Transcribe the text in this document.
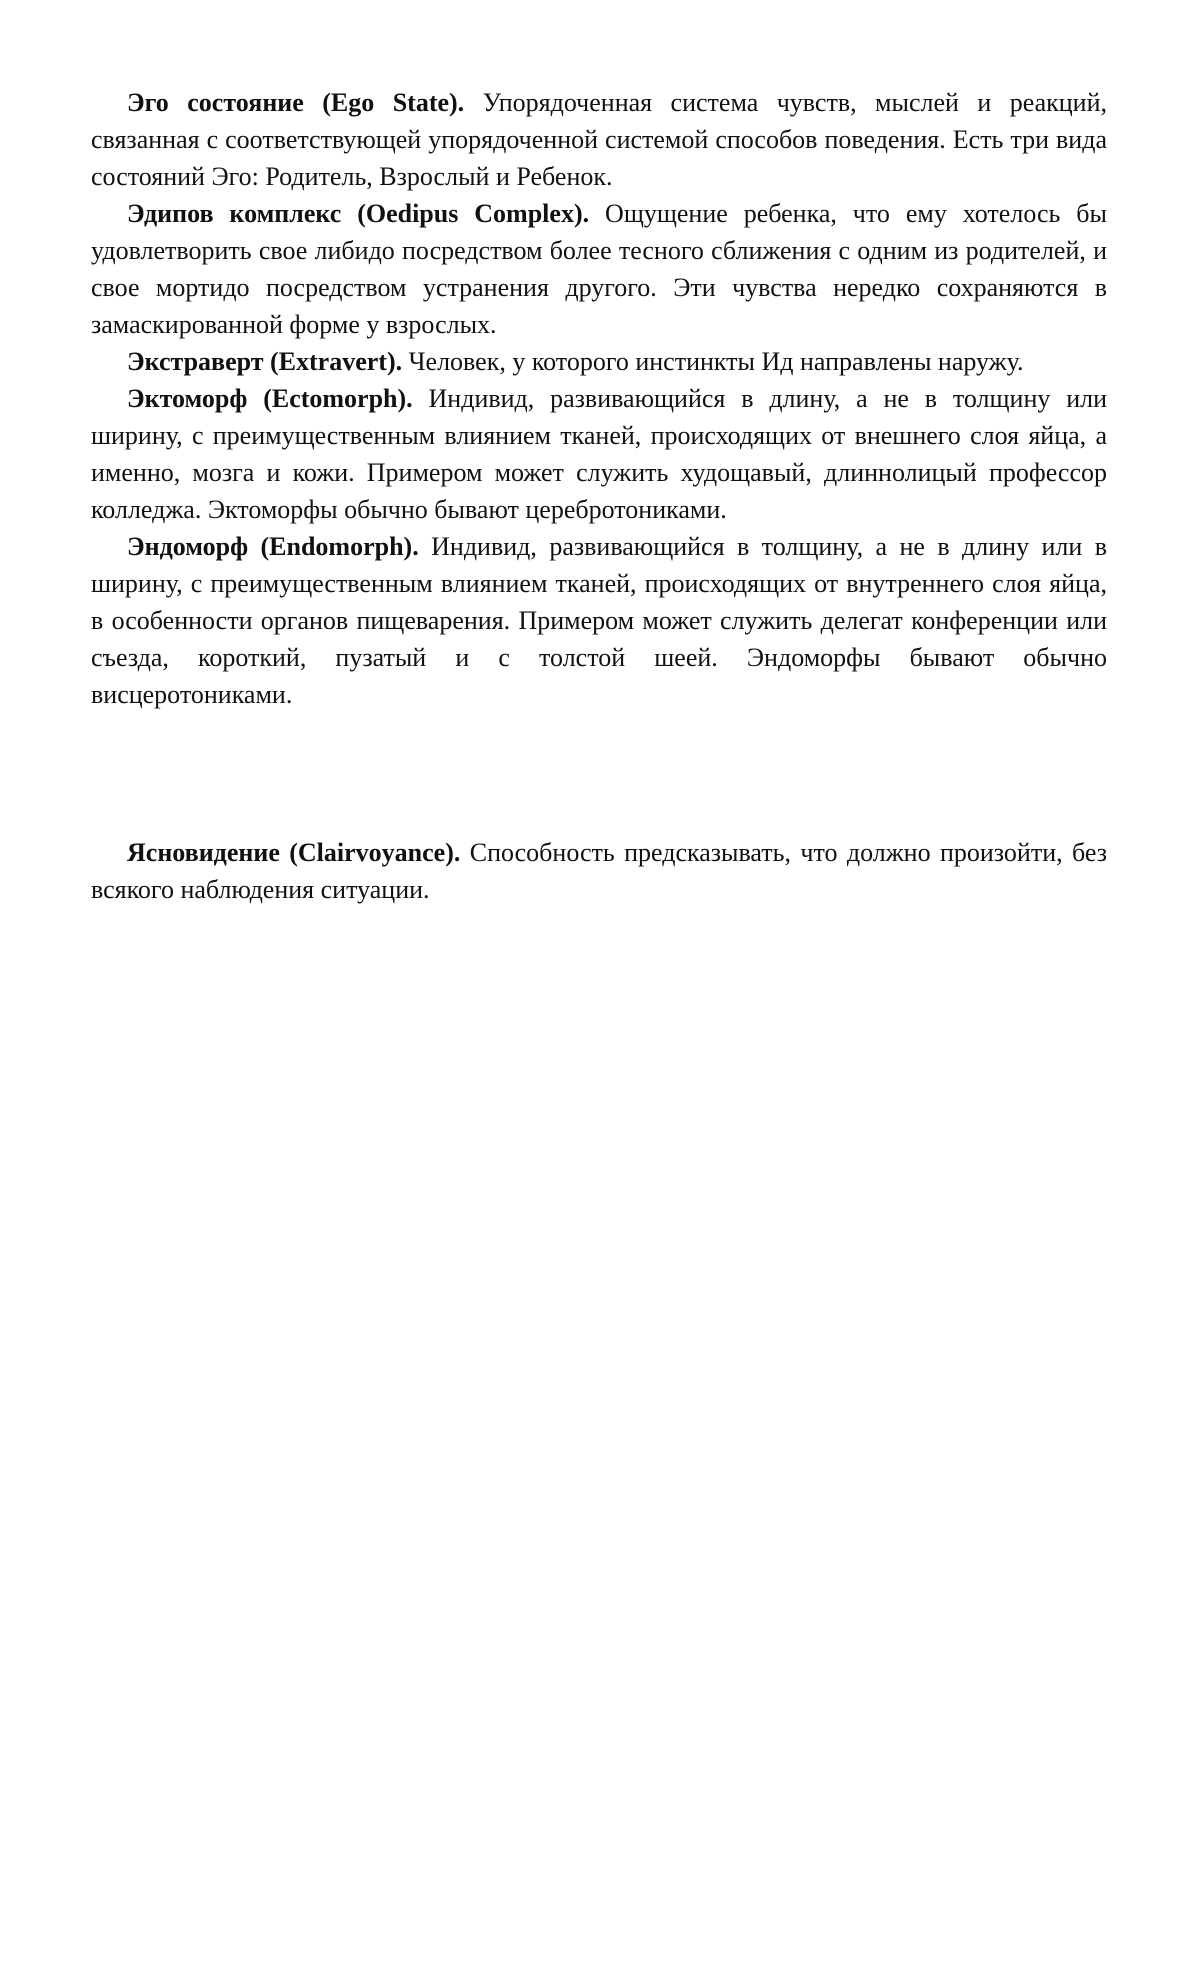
Эго состояние (Ego State). Упорядоченная система чувств, мыслей и реакций, связанная с соответствующей упорядоченной системой способов поведения. Есть три вида состояний Эго: Родитель, Взрослый и Ребенок.

Эдипов комплекс (Oedipus Complex). Ощущение ребенка, что ему хотелось бы удовлетворить свое либидо посредством более тесного сближения с одним из родителей, и свое мортидо посредством устранения другого. Эти чувства нередко сохраняются в замаскированной форме у взрослых.

Экстраверт (Extravert). Человек, у которого инстинкты Ид направлены наружу.

Эктоморф (Ectomorph). Индивид, развивающийся в длину, а не в толщину или ширину, с преимущественным влиянием тканей, происходящих от внешнего слоя яйца, а именно, мозга и кожи. Примером может служить худощавый, длиннолицый профессор колледжа. Эктоморфы обычно бывают церебротониками.

Эндоморф (Endomorph). Индивид, развивающийся в толщину, а не в длину или в ширину, с преимущественным влиянием тканей, происходящих от внутреннего слоя яйца, в особенности органов пищеварения. Примером может служить делегат конференции или съезда, короткий, пузатый и с толстой шеей. Эндоморфы бывают обычно висцеротониками.

Ясновидение (Clairvoyance). Способность предсказывать, что должно произойти, без всякого наблюдения ситуации.
